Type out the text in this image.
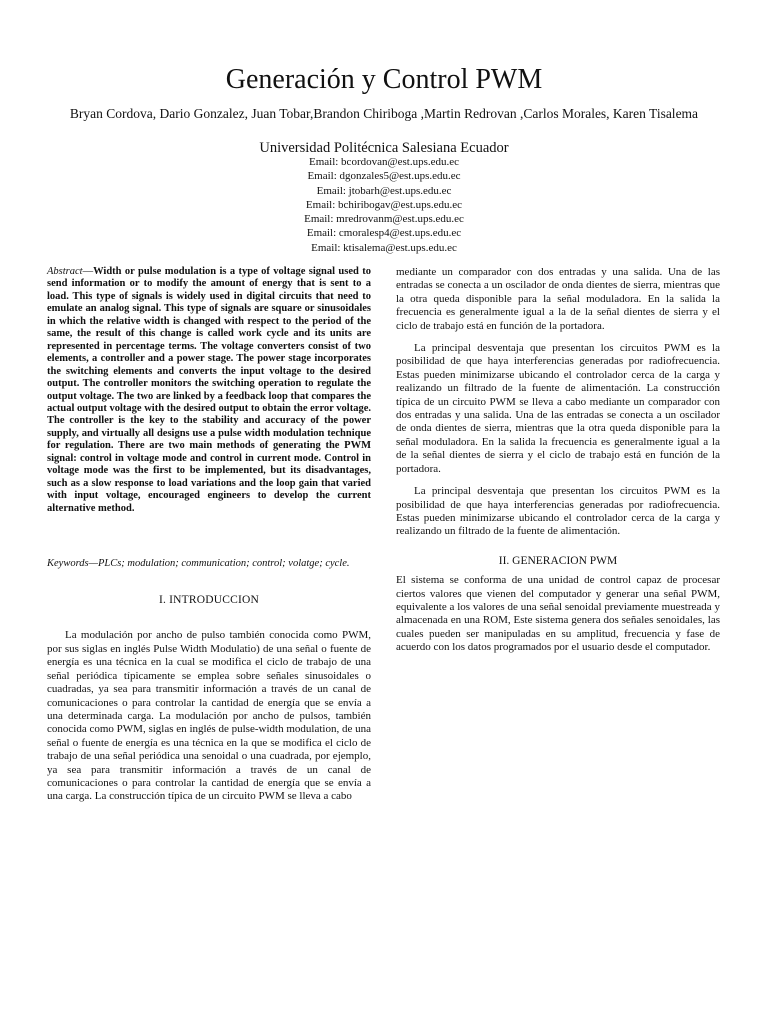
Generación y Control PWM
Bryan Cordova, Dario Gonzalez, Juan Tobar,Brandon Chiriboga ,Martin Redrovan ,Carlos Morales, Karen Tisalema
Universidad Politécnica Salesiana Ecuador
Email: bcordovan@est.ups.edu.ec
Email: dgonzales5@est.ups.edu.ec
Email: jtobarh@est.ups.edu.ec
Email: bchiribogav@est.ups.edu.ec
Email: mredrovanm@est.ups.edu.ec
Email: cmoralesp4@est.ups.edu.ec
Email: ktisalema@est.ups.edu.ec

Abstract—Width or pulse modulation is a type of voltage signal used to send information or to modify the amount of energy that is sent to a load. This type of signals is widely used in digital circuits that need to emulate an analog signal. This type of signals are square or sinusoidales in which the relative width is changed with respect to the period of the same, the result of this change is called work cycle and its units are represented in percentage terms. The voltage converters consist of two elements, a controller and a power stage. The power stage incorporates the switching elements and converts the input voltage to the desired output. The controller monitors the switching operation to regulate the output voltage. The two are linked by a feedback loop that compares the actual output voltage with the desired output to obtain the error voltage. The controller is the key to the stability and accuracy of the power supply, and virtually all designs use a pulse width modulation technique for regulation. There are two main methods of generating the PWM signal: control in voltage mode and control in current mode. Control in voltage mode was the first to be implemented, but its disadvantages, such as a slow response to load variations and the loop gain that varied with input voltage, encouraged engineers to develop the current alternative method.

Keywords—PLCs; modulation; communication; control; volatge; cycle.

I. INTRODUCCION

La modulación por ancho de pulso también conocida como PWM, por sus siglas en inglés Pulse Width Modulatio) de una señal o fuente de energía es una técnica en la cual se modifica el ciclo de trabajo de una señal periódica típicamente se emplea sobre señales sinusoidales o cuadradas, ya sea para transmitir información a través de un canal de comunicaciones o para controlar la cantidad de energía que se envía a una determinada carga. La modulación por ancho de pulsos, también conocida como PWM, siglas en inglés de pulse-width modulation, de una señal o fuente de energía es una técnica en la que se modifica el ciclo de trabajo de una señal periódica una senoidal o una cuadrada, por ejemplo, ya sea para transmitir información a través de un canal de comunicaciones o para controlar la cantidad de energía que se envía a una carga. La construcción típica de un circuito PWM se lleva a cabo

mediante un comparador con dos entradas y una salida. Una de las entradas se conecta a un oscilador de onda dientes de sierra, mientras que la otra queda disponible para la señal moduladora. En la salida la frecuencia es generalmente igual a la de la señal dientes de sierra y el ciclo de trabajo está en función de la portadora.

La principal desventaja que presentan los circuitos PWM es la posibilidad de que haya interferencias generadas por radiofrecuencia. Estas pueden minimizarse ubicando el controlador cerca de la carga y realizando un filtrado de la fuente de alimentación. La construcción típica de un circuito PWM se lleva a cabo mediante un comparador con dos entradas y una salida. Una de las entradas se conecta a un oscilador de onda dientes de sierra, mientras que la otra queda disponible para la señal moduladora. En la salida la frecuencia es generalmente igual a la de la señal dientes de sierra y el ciclo de trabajo está en función de la portadora.

La principal desventaja que presentan los circuitos PWM es la posibilidad de que haya interferencias generadas por radiofrecuencia. Estas pueden minimizarse ubicando el controlador cerca de la carga y realizando un filtrado de la fuente de alimentación.

II. GENERACION PWM

El sistema se conforma de una unidad de control capaz de procesar ciertos valores que vienen del computador y generar una señal PWM, equivalente a los valores de una señal senoidal previamente muestreada y almacenada en una ROM, Este sistema genera dos señales senoidales, las cuales pueden ser manipuladas en su amplitud, frecuencia y fase de acuerdo con los datos programados por el usuario desde el computador.
